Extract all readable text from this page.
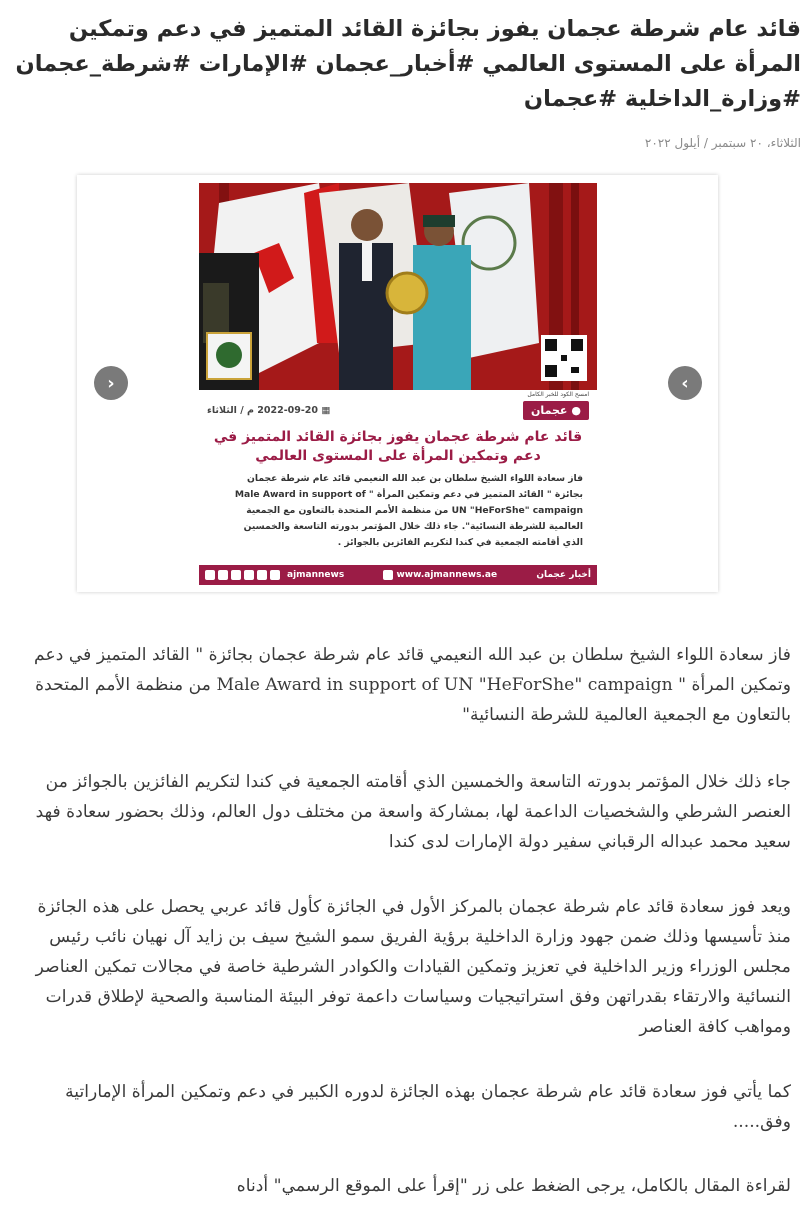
قائد عام شرطة عجمان يفوز بجائزة القائد المتميز في دعم وتمكين المرأة على المستوى العالمي #أخبار_عجمان #الإمارات #شرطة_عجمان #وزارة_الداخلية #عجمان
الثلاثاء، ٢٠ سبتمبر / أيلول ٢٠٢٢
امسح الكود للخبر الكامل
●
عجمان
▦ 2022-09-20 م / الثلاثاء
قائد عام شرطة عجمان يفوز بجائزة القائد المتميز في
دعم وتمكين المرأة على المستوى العالمي
فاز سعادة اللواء الشيخ سلطان بن عبد الله النعيمي قائد عام شرطة عجمان
بجائزة " القائد المتميز في دعم وتمكين المرأة " Male Award in support of
UN "HeForShe" campaign من منظمة الأمم المتحدة بالتعاون مع الجمعية
العالمية للشرطة النسائية". جاء ذلك خلال المؤتمر بدورته التاسعة والخمسين
الذي أقامته الجمعية في كندا لتكريم الفائزين بالجوائز .
ajmannews	www.ajmannews.ae	أخبار عجمان
‹	›

فاز سعادة اللواء الشيخ سلطان بن عبد الله النعيمي قائد عام شرطة عجمان بجائزة " القائد المتميز في دعم وتمكين المرأة " Male Award in support of UN "HeForShe" campaign من منظمة الأمم المتحدة بالتعاون مع الجمعية العالمية للشرطة النسائية"

جاء ذلك خلال المؤتمر بدورته التاسعة والخمسين الذي أقامته الجمعية في كندا لتكريم الفائزين بالجوائز من العنصر الشرطي والشخصيات الداعمة لها، بمشاركة واسعة من مختلف دول العالم، وذلك بحضور سعادة فهد سعيد محمد عبداله الرقباني سفير دولة الإمارات لدى كندا

ويعد فوز سعادة قائد عام شرطة عجمان بالمركز الأول في الجائزة كأول قائد عربي يحصل على هذه الجائزة منذ تأسيسها وذلك ضمن جهود وزارة الداخلية برؤية الفريق سمو الشيخ سيف بن زايد آل نهيان نائب رئيس مجلس الوزراء وزير الداخلية في تعزيز وتمكين القيادات والكوادر الشرطية خاصة في مجالات تمكين العناصر النسائية والارتقاء بقدراتهن وفق استراتيجيات وسياسات داعمة توفر البيئة المناسبة والصحية لإطلاق قدرات ومواهب كافة العناصر

كما يأتي فوز سعادة قائد عام شرطة عجمان بهذه الجائزة لدوره الكبير في دعم وتمكين المرأة الإماراتية وفق.....

لقراءة المقال بالكامل، يرجى الضغط على زر "إقرأ على الموقع الرسمي" أدناه
